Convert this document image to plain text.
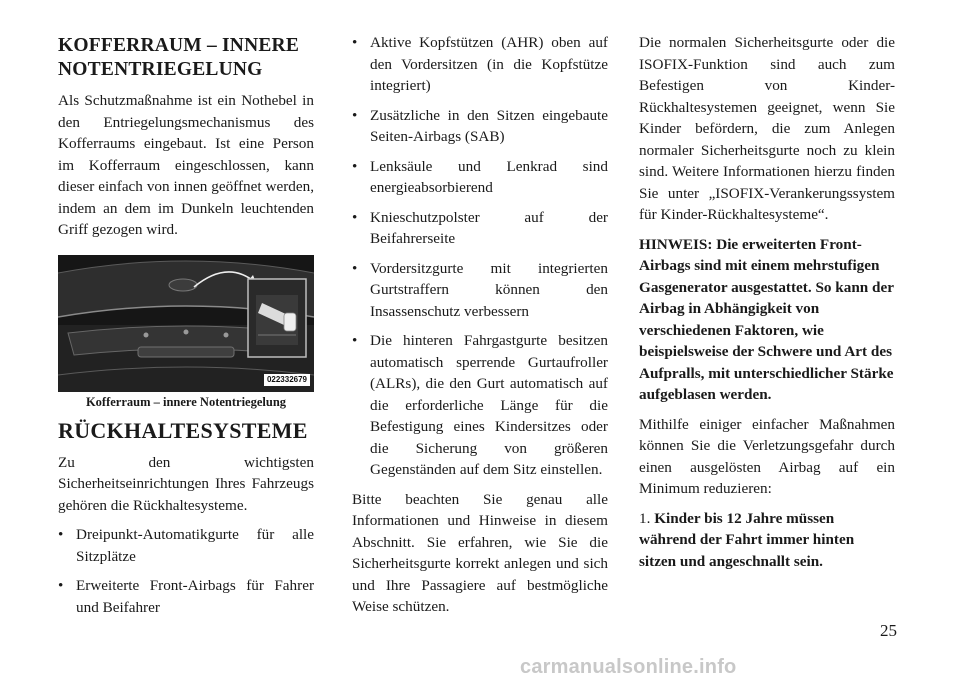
KOFFERRAUM – INNERE NOTENTRIEGELUNG

Als Schutzmaßnahme ist ein Nothebel in den Entriegelungsmechanismus des Kofferraums eingebaut. Ist eine Person im Kofferraum eingeschlossen, kann dieser einfach von innen geöffnet werden, indem an dem im Dunkeln leuchtenden Griff gezogen wird.

022332679
Kofferraum – innere Notentriegelung
RÜCKHALTESYSTEME

Zu den wichtigsten Sicherheitseinrichtungen Ihres Fahrzeugs gehören die Rückhaltesysteme.

• Dreipunkt-Automatikgurte für alle Sitzplätze
• Erweiterte Front-Airbags für Fahrer und Beifahrer
• Aktive Kopfstützen (AHR) oben auf den Vordersitzen (in die Kopfstütze integriert)
• Zusätzliche in den Sitzen eingebaute Seiten-Airbags (SAB)
• Lenksäule und Lenkrad sind energieabsorbierend
• Knieschutzpolster auf der Beifahrerseite
• Vordersitzgurte mit integrierten Gurtstraffern können den Insassenschutz verbessern
• Die hinteren Fahrgastgurte besitzen automatisch sperrende Gurtaufroller (ALRs), die den Gurt automatisch auf die erforderliche Länge für die Befestigung eines Kindersitzes oder die Sicherung von größeren Gegenständen auf dem Sitz einstellen.

Bitte beachten Sie genau alle Informationen und Hinweise in diesem Abschnitt. Sie erfahren, wie Sie die Sicherheitsgurte korrekt anlegen und sich und Ihre Passagiere auf bestmögliche Weise schützen.

Die normalen Sicherheitsgurte oder die ISOFIX-Funktion sind auch zum Befestigen von Kinder-Rückhaltesystemen geeignet, wenn Sie Kinder befördern, die zum Anlegen normaler Sicherheitsgurte noch zu klein sind. Weitere Informationen hierzu finden Sie unter „ISOFIX-Verankerungssystem für Kinder-Rückhaltesysteme“.

HINWEIS: Die erweiterten Front-Airbags sind mit einem mehrstufigen Gasgenerator ausgestattet. So kann der Airbag in Abhängigkeit von verschiedenen Faktoren, wie beispielsweise der Schwere und Art des Aufpralls, mit unterschiedlicher Stärke aufgeblasen werden.

Mithilfe einiger einfacher Maßnahmen können Sie die Verletzungsgefahr durch einen ausgelösten Airbag auf ein Minimum reduzieren:

1. Kinder bis 12 Jahre müssen während der Fahrt immer hinten sitzen und angeschnallt sein.

25
carmanualsonline.info
